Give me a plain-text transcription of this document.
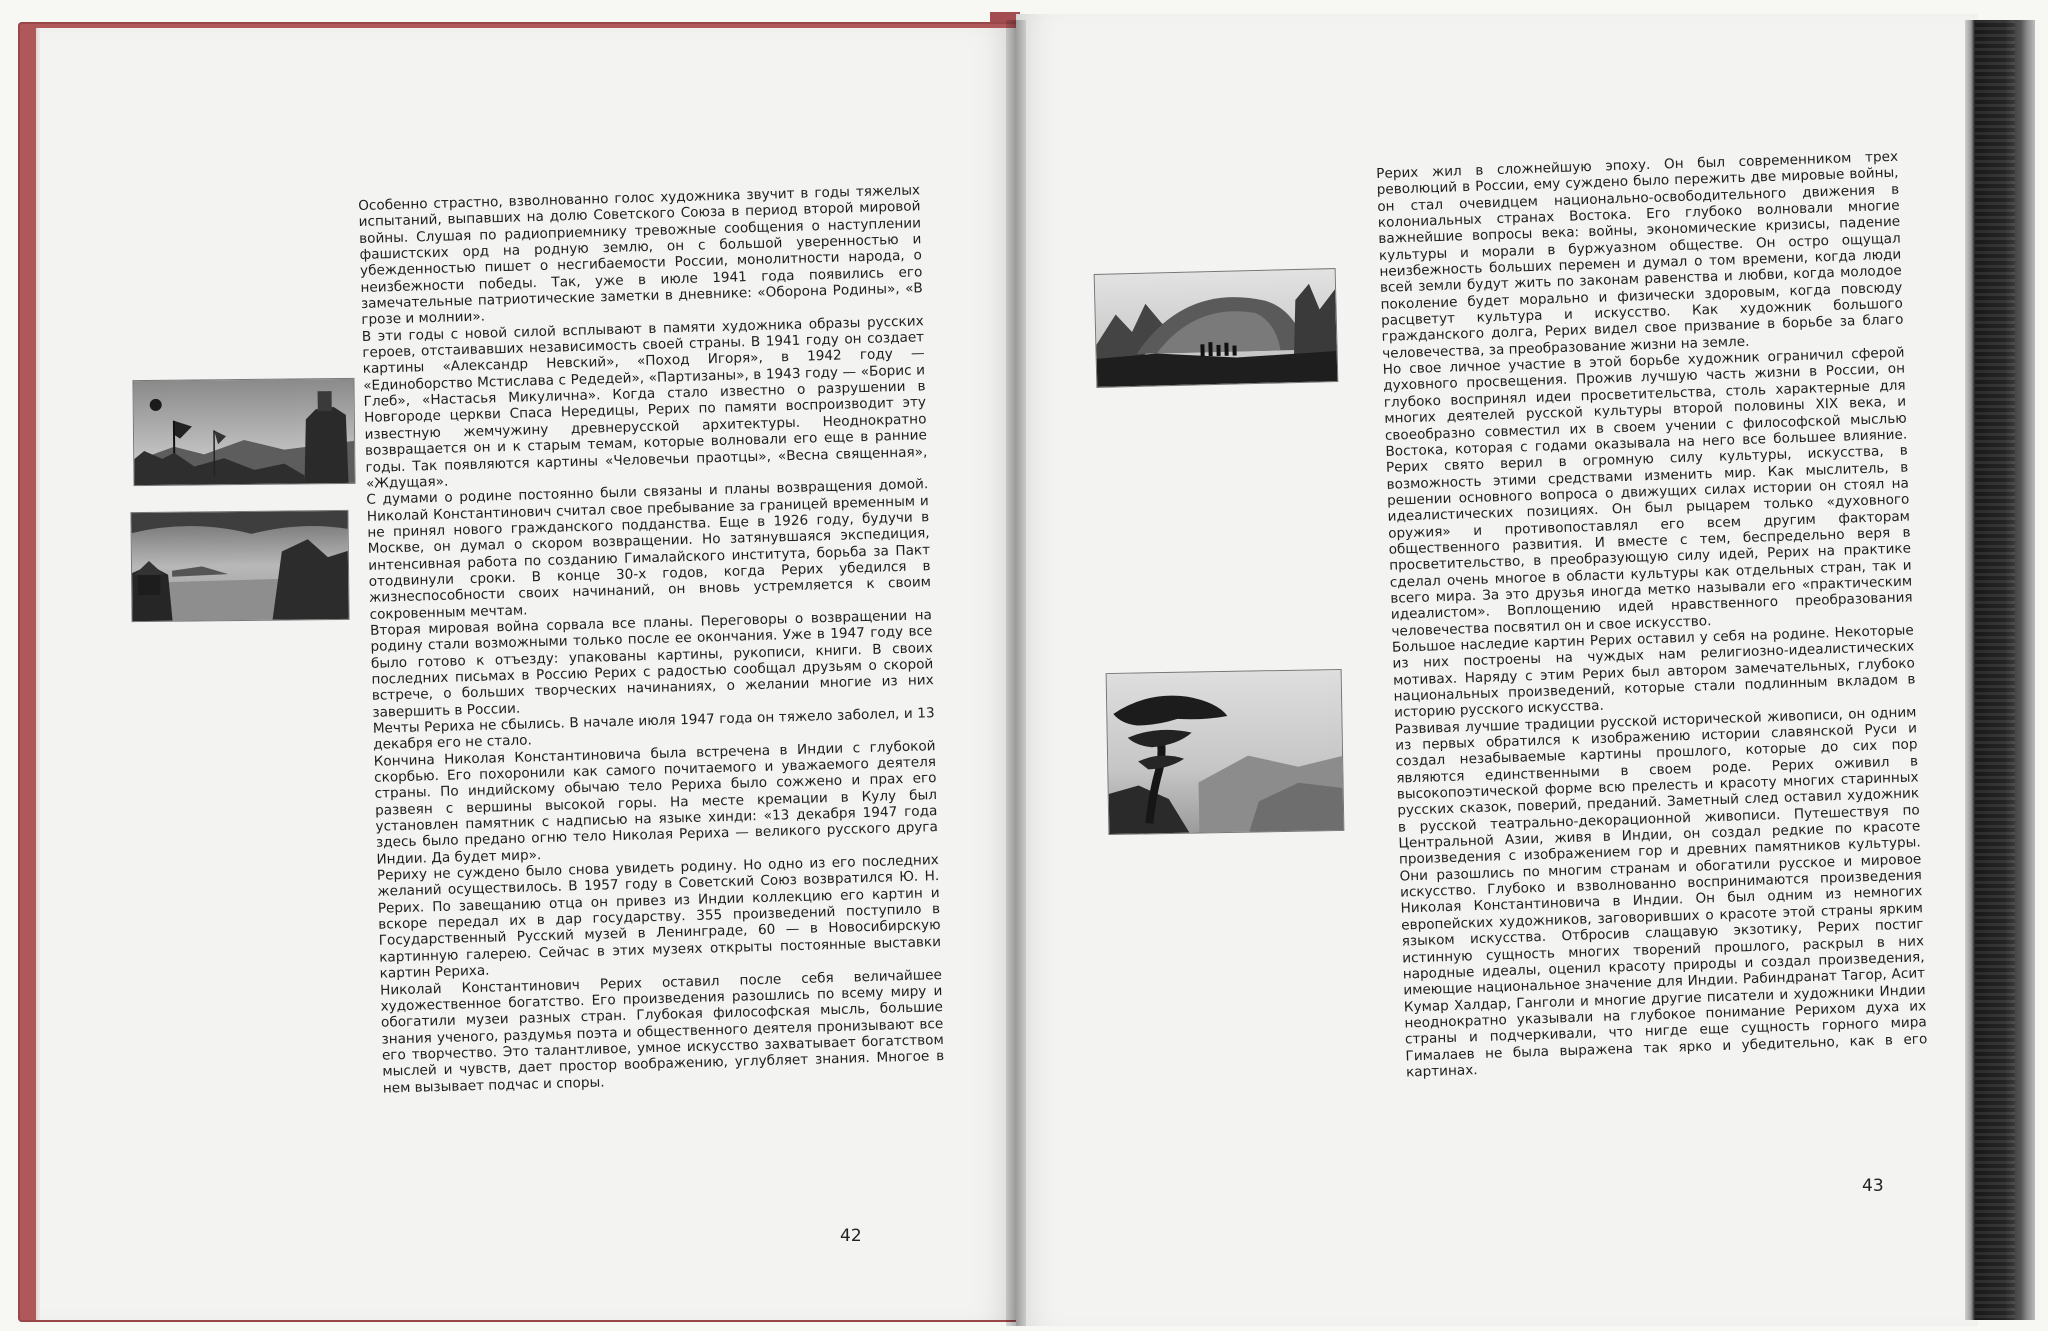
Особенно страстно, взволнованно голос художника звучит в годы тяжелых испытаний, выпавших на долю Советского Союза в период второй мировой войны. Слушая по радиоприемнику тревожные сообщения о наступлении фашистских орд на родную землю, он с большой уверенностью и убежденностью пишет о несгибаемости России, монолитности народа, о неизбежности победы. Так, уже в июле 1941 года появились его замечательные патриотические заметки в дневнике: «Оборона Родины», «В грозе и молнии».
В эти годы с новой силой всплывают в памяти художника образы русских героев, отстаивавших независимость своей страны. В 1941 году он создает картины «Александр Невский», «Поход Игоря», в 1942 году — «Единоборство Мстислава с Редедей», «Партизаны», в 1943 году — «Борис и Глеб», «Настасья Микулична». Когда стало известно о разрушении в Новгороде церкви Спаса Нередицы, Рерих по памяти воспроизводит эту известную жемчужину древнерусской архитектуры. Неоднократно возвращается он и к старым темам, которые волновали его еще в ранние годы. Так появляются картины «Человечьи праотцы», «Весна священная», «Ждущая».
С думами о родине постоянно были связаны и планы возвращения домой. Николай Константинович считал свое пребывание за границей временным и не принял нового гражданского подданства. Еще в 1926 году, будучи в Москве, он думал о скором возвращении. Но затянувшаяся экспедиция, интенсивная работа по созданию Гималайского института, борьба за Пакт отодвинули сроки. В конце 30-х годов, когда Рерих убедился в жизнеспособности своих начинаний, он вновь устремляется к своим сокровенным мечтам.
Вторая мировая война сорвала все планы. Переговоры о возвращении на родину стали возможными только после ее окончания. Уже в 1947 году все было готово к отъезду: упакованы картины, рукописи, книги. В своих последних письмах в Россию Рерих с радостью сообщал друзьям о скорой встрече, о больших творческих начинаниях, о желании многие из них завершить в России.
Мечты Рериха не сбылись. В начале июля 1947 года он тяжело заболел, и 13 декабря его не стало.
Кончина Николая Константиновича была встречена в Индии с глубокой скорбью. Его похоронили как самого почитаемого и уважаемого деятеля страны. По индийскому обычаю тело Рериха было сожжено и прах его развеян с вершины высокой горы. На месте кремации в Кулу был установлен памятник с надписью на языке хинди: «13 декабря 1947 года здесь было предано огню тело Николая Рериха — великого русского друга Индии. Да будет мир».
Рериху не суждено было снова увидеть родину. Но одно из его последних желаний осуществилось. В 1957 году в Советский Союз возвратился Ю. Н. Рерих. По завещанию отца он привез из Индии коллекцию его картин и вскоре передал их в дар государству. 355 произведений поступило в Государственный Русский музей в Ленинграде, 60 — в Новосибирскую картинную галерею. Сейчас в этих музеях открыты постоянные выставки картин Рериха.
Николай Константинович Рерих оставил после себя величайшее художественное богатство. Его произведения разошлись по всему миру и обогатили музеи разных стран. Глубокая философская мысль, большие знания ученого, раздумья поэта и общественного деятеля пронизывают все его творчество. Это талантливое, умное искусство захватывает богатством мыслей и чувств, дает простор воображению, углубляет знания. Многое в нем вызывает подчас и споры.

Рерих жил в сложнейшую эпоху. Он был современником трех революций в России, ему суждено было пережить две мировые войны, он стал очевидцем национально-освободительного движения в колониальных странах Востока. Его глубоко волновали многие важнейшие вопросы века: войны, экономические кризисы, падение культуры и морали в буржуазном обществе. Он остро ощущал неизбежность больших перемен и думал о том времени, когда люди всей земли будут жить по законам равенства и любви, когда молодое поколение будет морально и физически здоровым, когда повсюду расцветут культура и искусство. Как художник большого гражданского долга, Рерих видел свое призвание в борьбе за благо человечества, за преобразование жизни на земле.
Но свое личное участие в этой борьбе художник ограничил сферой духовного просвещения. Прожив лучшую часть жизни в России, он глубоко воспринял идеи просветительства, столь характерные для многих деятелей русской культуры второй половины XIX века, и своеобразно совместил их в своем учении с философской мыслью Востока, которая с годами оказывала на него все большее влияние. Рерих свято верил в огромную силу культуры, искусства, в возможность этими средствами изменить мир. Как мыслитель, в решении основного вопроса о движущих силах истории он стоял на идеалистических позициях. Он был рыцарем только «духовного оружия» и противопоставлял его всем другим факторам общественного развития. И вместе с тем, беспредельно веря в просветительство, в преобразующую силу идей, Рерих на практике сделал очень многое в области культуры как отдельных стран, так и всего мира. За это друзья иногда метко называли его «практическим идеалистом». Воплощению идей нравственного преобразования человечества посвятил он и свое искусство.
Большое наследие картин Рерих оставил у себя на родине. Некоторые из них построены на чуждых нам религиозно-идеалистических мотивах. Наряду с этим Рерих был автором замечательных, глубоко национальных произведений, которые стали подлинным вкладом в историю русского искусства.
Развивая лучшие традиции русской исторической живописи, он одним из первых обратился к изображению истории славянской Руси и создал незабываемые картины прошлого, которые до сих пор являются единственными в своем роде. Рерих оживил в высокопоэтической форме всю прелесть и красоту многих старинных русских сказок, поверий, преданий. Заметный след оставил художник в русской театрально-декорационной живописи. Путешествуя по Центральной Азии, живя в Индии, он создал редкие по красоте произведения с изображением гор и древних памятников культуры. Они разошлись по многим странам и обогатили русское и мировое искусство. Глубоко и взволнованно воспринимаются произведения Николая Константиновича в Индии. Он был одним из немногих европейских художников, заговоривших о красоте этой страны ярким языком искусства. Отбросив слащавую экзотику, Рерих постиг истинную сущность многих творений прошлого, раскрыл в них народные идеалы, оценил красоту природы и создал произведения, имеющие национальное значение для Индии. Рабиндранат Тагор, Асит Кумар Халдар, Ганголи и многие другие писатели и художники Индии неоднократно указывали на глубокое понимание Рерихом духа их страны и подчеркивали, что нигде еще сущность горного мира Гималаев не была выражена так ярко и убедительно, как в его картинах.

42
43
